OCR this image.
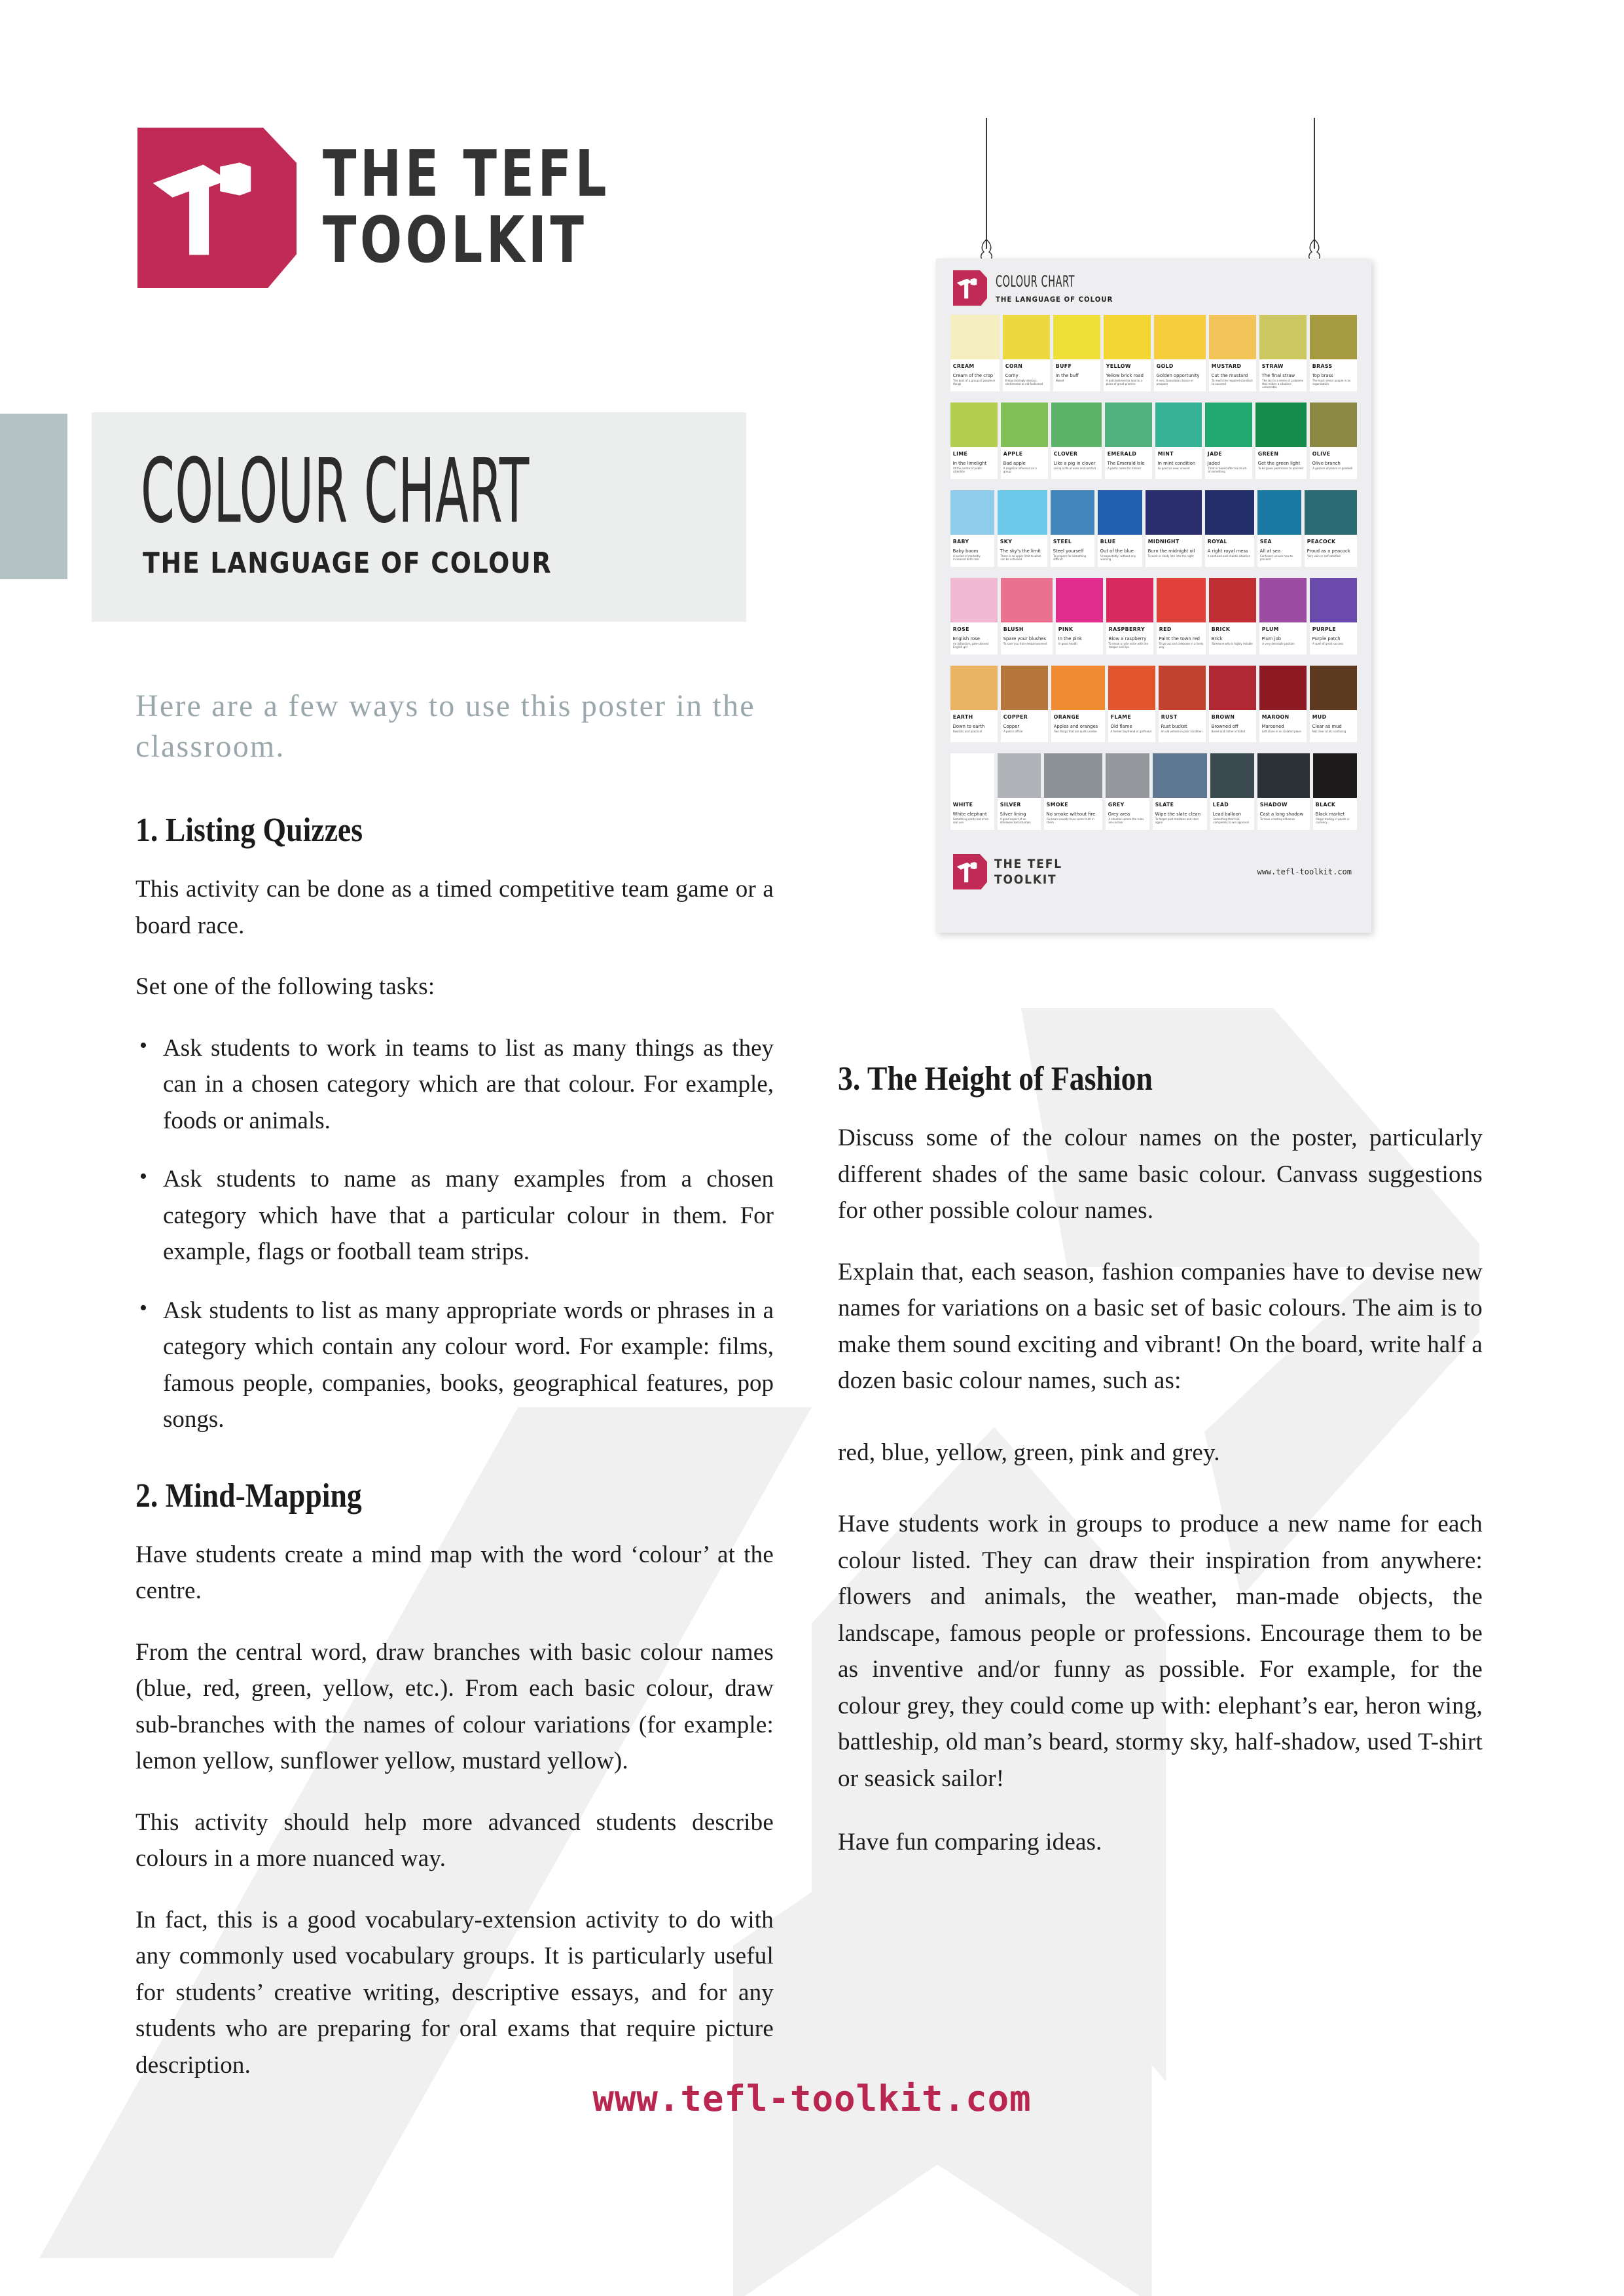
THE TEFL
TOOLKIT
COLOUR CHART
THE LANGUAGE OF COLOUR
Here are a few ways to use this poster in the classroom.
1. Listing Quizzes

This activity can be done as a timed competitive team game or a board race.

Set one of the following tasks:

• Ask students to work in teams to list as many things as they can in a chosen category which are that colour. For example, foods or animals.
• Ask students to name as many examples from a chosen category which have that a particular colour in them. For example, flags or football team strips.
• Ask students to list as many appropriate words or phrases in a category which contain any colour word. For example: films, famous people, companies, books, geographical features, pop songs.
2. Mind-Mapping

Have students create a mind map with the word ‘colour’ at the centre.

From the central word, draw branches with basic colour names (blue, red, green, yellow, etc.). From each basic colour, draw sub-branches with the names of colour variations (for example: lemon yellow, sunflower yellow, mustard yellow).

This activity should help more advanced students describe colours in a more nuanced way.

In fact, this is a good vocabulary-extension activity to do with any commonly used vocabulary groups. It is particularly useful for students’ creative writing, descriptive essays, and for any students who are preparing for oral exams that require picture description.

3. The Height of Fashion

Discuss some of the colour names on the poster, particularly different shades of the same basic colour. Canvass suggestions for other possible colour names.

Explain that, each season, fashion companies have to devise new names for variations on a basic set of basic colours. The aim is to make them sound exciting and vibrant! On the board, write half a dozen basic colour names, such as:

red, blue, yellow, green, pink and grey.

Have students work in groups to produce a new name for each colour listed. They can draw their inspiration from anywhere: flowers and animals, the weather, man-made objects, the landscape, famous people or professions. Encourage them to be as inventive and/or funny as possible. For example, for the colour grey, they could come up with: elephant’s ear, heron wing, battleship, old man’s beard, stormy sky, half-shadow, used T-shirt or seasick sailor!

Have fun comparing ideas.

COLOUR CHART
THE LANGUAGE OF COLOUR
CREAM
Cream of the crop
The best of a group of people or things
CORN
Corny
Embarrassingly obvious, sentimental or old-fashioned
BUFF
In the buff
Naked
YELLOW
Yellow brick road
A path believed to lead to a place of great promise
GOLD
Golden opportunity
A very favourable chance or prospect
MUSTARD
Cut the mustard
To reach the required standard; to succeed
STRAW
The final straw
The last in a series of problems that makes a situation unbearable
BRASS
Top brass
The most senior people in an organisation
LIME
In the limelight
At the centre of public attention
APPLE
Bad apple
A negative influence on a group
CLOVER
Like a pig in clover
Living a life of ease and comfort
EMERALD
The Emerald Isle
A poetic name for Ireland
MINT
In mint condition
As good as new; unused
JADE
Jaded
Tired or bored after too much of something
GREEN
Get the green light
To be given permission to proceed
OLIVE
Olive branch
A gesture of peace or goodwill
BABY
Baby boom
A period of markedly increased birth rate
SKY
The sky’s the limit
There is no upper limit to what can be achieved
STEEL
Steel yourself
To prepare for something difficult
BLUE
Out of the blue
Unexpectedly; without any warning
MIDNIGHT
Burn the midnight oil
To work or study late into the night
ROYAL
A right royal mess
A confused and chaotic situation
SEA
All at sea
Confused; unsure how to proceed
PEACOCK
Proud as a peacock
Very vain or self-satisfied
ROSE
English rose
An attractive, pale-skinned English girl
BLUSH
Spare your blushes
To save you from embarrassment
PINK
In the pink
In good health
RASPBERRY
Blow a raspberry
To make a rude noise with the tongue and lips
RED
Paint the town red
To go out and celebrate in a lively way
BRICK
Brick
Someone who is highly reliable
PLUM
Plum job
A very desirable position
PURPLE
Purple patch
A spell of great success
EARTH
Down to earth
Realistic and practical
COPPER
Copper
A police officer
ORANGE
Apples and oranges
Two things that are quite unalike
FLAME
Old flame
A former boyfriend or girlfriend
RUST
Rust bucket
An old vehicle in poor condition
BROWN
Browned off
Bored and rather irritated
MAROON
Marooned
Left alone in an isolated place
MUD
Clear as mud
Not clear at all; confusing
WHITE
White elephant
Something costly but of no real use
SILVER
Silver lining
A good aspect of an otherwise bad situation
SMOKE
No smoke without fire
Rumours usually have some truth in them
GREY
Grey area
A situation where the rules are unclear
SLATE
Wipe the slate clean
To forget past mistakes and start again
LEAD
Lead balloon
Something that fails completely to win approval
SHADOW
Cast a long shadow
To have a lasting influence
BLACK
Black market
Illegal trading in goods or currency
THE TEFL
TOOLKIT
www.tefl-toolkit.com
www.tefl-toolkit.com
